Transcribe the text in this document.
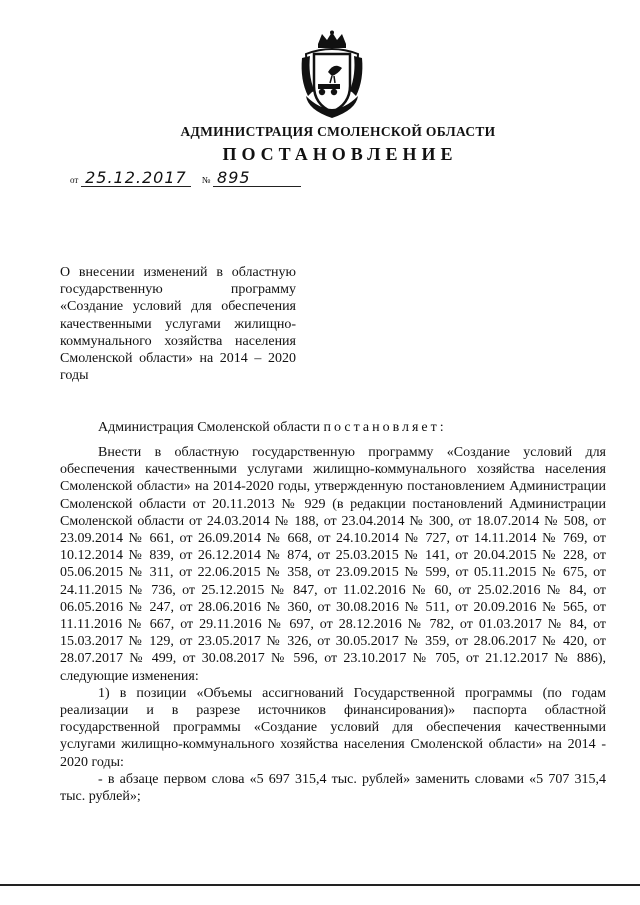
АДМИНИСТРАЦИЯ СМОЛЕНСКОЙ ОБЛАСТИ
ПОСТАНОВЛЕНИЕ
от 25.12.2017 № 895
О внесении изменений в областную государственную программу «Создание условий для обеспечения качественными услугами жилищно-коммунального хозяйства населения Смоленской области» на 2014 – 2020 годы
Администрация Смоленской области постановляет:

Внести в областную государственную программу «Создание условий для обеспечения качественными услугами жилищно-коммунального хозяйства населения Смоленской области» на 2014-2020 годы, утвержденную постановлением Администрации Смоленской области от 20.11.2013 № 929 (в редакции постановлений Администрации Смоленской области от 24.03.2014 № 188, от 23.04.2014 № 300, от 18.07.2014 № 508, от 23.09.2014 № 661, от 26.09.2014 № 668, от 24.10.2014 № 727, от 14.11.2014 № 769, от 10.12.2014 № 839, от 26.12.2014 № 874, от 25.03.2015 № 141, от 20.04.2015 № 228, от 05.06.2015 № 311, от 22.06.2015 № 358, от 23.09.2015 № 599, от 05.11.2015 № 675, от 24.11.2015 № 736, от 25.12.2015 № 847, от 11.02.2016 № 60, от 25.02.2016 № 84, от 06.05.2016 № 247, от 28.06.2016 № 360, от 30.08.2016 № 511, от 20.09.2016 № 565, от 11.11.2016 № 667, от 29.11.2016 № 697, от 28.12.2016 № 782, от 01.03.2017 № 84, от 15.03.2017 № 129, от 23.05.2017 № 326, от 30.05.2017 № 359, от 28.06.2017 № 420, от 28.07.2017 № 499, от 30.08.2017 № 596, от 23.10.2017 № 705, от 21.12.2017 № 886), следующие изменения:

1) в позиции «Объемы ассигнований Государственной программы (по годам реализации и в разрезе источников финансирования)» паспорта областной государственной программы «Создание условий для обеспечения качественными услугами жилищно-коммунального хозяйства населения Смоленской области» на 2014 - 2020 годы:

- в абзаце первом слова «5 697 315,4 тыс. рублей» заменить словами «5 707 315,4 тыс. рублей»;
